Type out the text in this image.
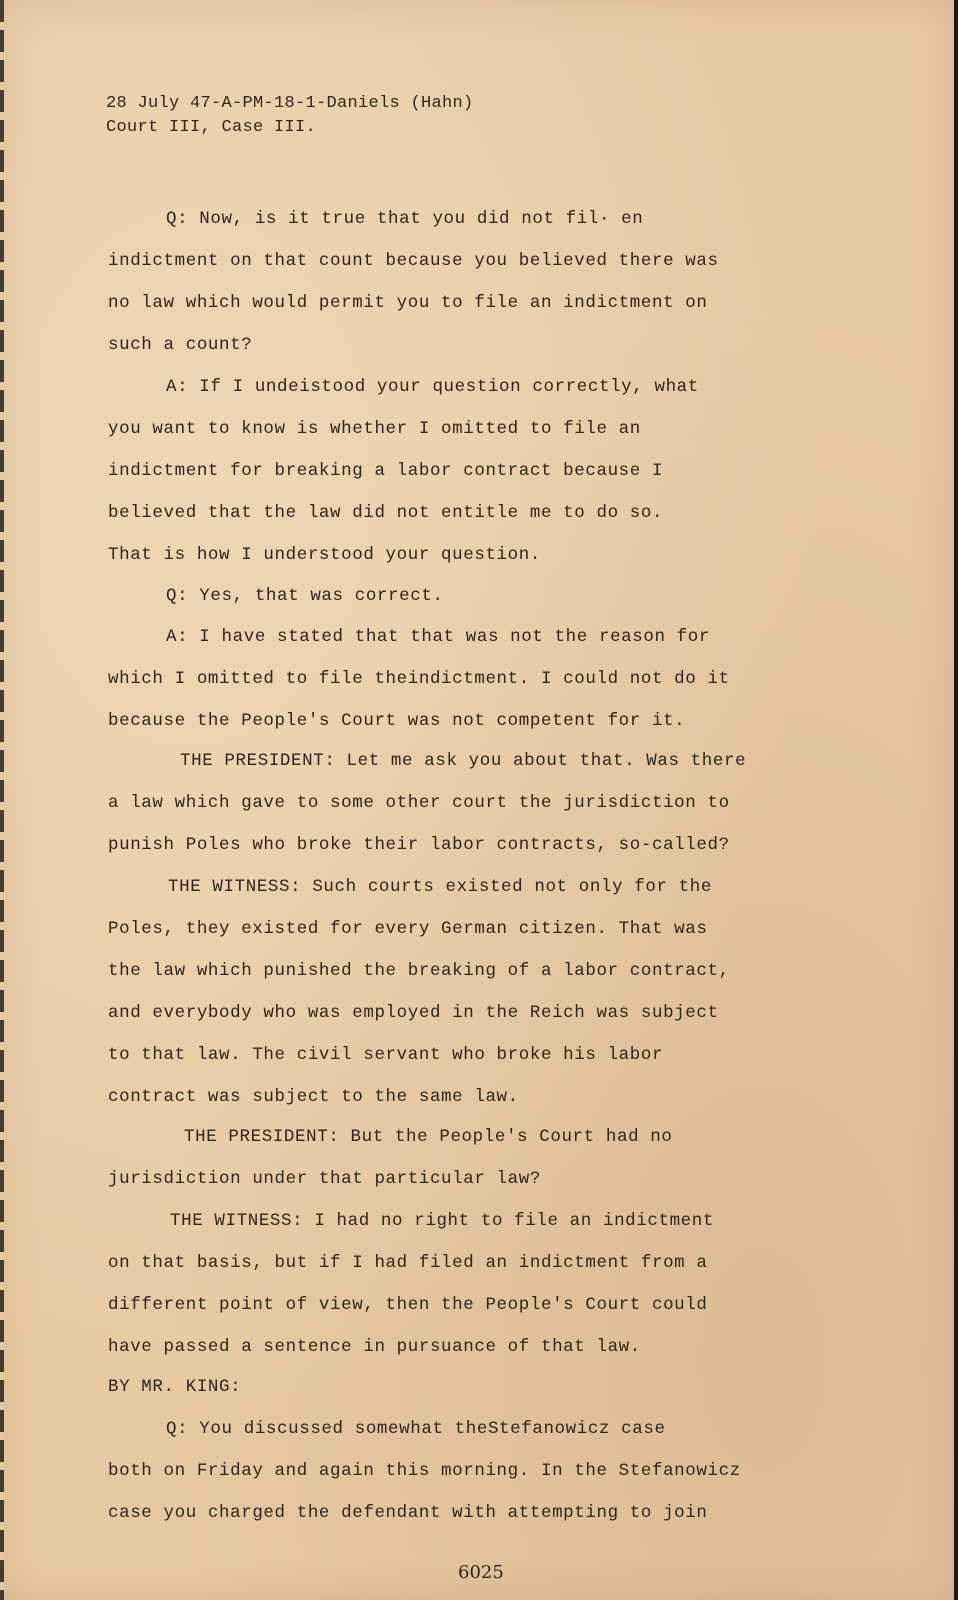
28 July 47-A-PM-18-1-Daniels (Hahn)
Court III, Case III.
Q: Now, is it true that you did not fil· en
indictment on that count because you believed there was
no law which would permit you to file an indictment on
such a count?
A: If I undeistood your question correctly, what
you want to know is whether I omitted to file an
indictment for breaking a labor contract because I
believed that the law did not entitle me to do so.
That is how I understood your question.
Q: Yes, that was correct.
A: I have stated that that was not the reason for
which I omitted to file theindictment. I could not do it
because the People's Court was not competent for it.
THE PRESIDENT: Let me ask you about that. Was there
a law which gave to some other court the jurisdiction to
punish Poles who broke their labor contracts, so-called?
THE WITNESS: Such courts existed not only for the
Poles, they existed for every German citizen. That was
the law which punished the breaking of a labor contract,
and everybody who was employed in the Reich was subject
to that law. The civil servant who broke his labor
contract was subject to the same law.
THE PRESIDENT: But the People's Court had no
jurisdiction under that particular law?
THE WITNESS: I had no right to file an indictment
on that basis, but if I had filed an indictment from a
different point of view, then the People's Court could
have passed a sentence in pursuance of that law.
BY MR. KING:
Q: You discussed somewhat theStefanowicz case
both on Friday and again this morning. In the Stefanowicz
case you charged the defendant with attempting to join
6025
